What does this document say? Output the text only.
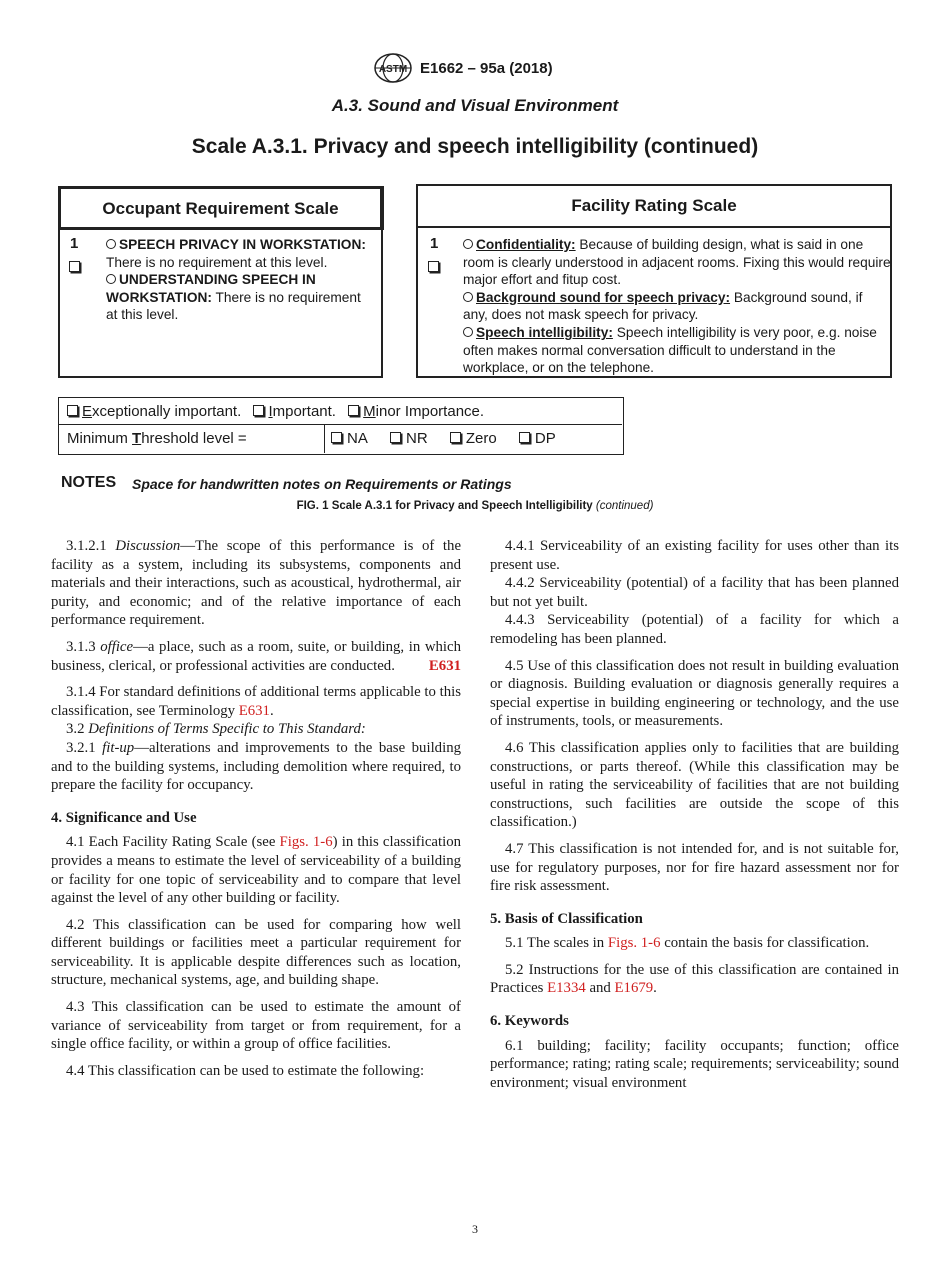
ASTM E1662 – 95a (2018)
A.3. Sound and Visual Environment
Scale A.3.1. Privacy and speech intelligibility (continued)
Occupant Requirement Scale
1	SPEECH PRIVACY IN WORKSTATION: There is no requirement at this level.
UNDERSTANDING SPEECH IN WORKSTATION: There is no requirement at this level.
Facility Rating Scale
1	Confidentiality: Because of building design, what is said in one room is clearly understood in adjacent rooms. Fixing this would require major effort and fitup cost.
Background sound for speech privacy: Background sound, if any, does not mask speech for privacy.
Speech intelligibility: Speech intelligibility is very poor, e.g. noise often makes normal conversation difficult to understand in the workplace, or on the telephone.
Exceptionally important. Important. Minor Importance.
Minimum Threshold level =	NA	NR	Zero	DP
NOTES Space for handwritten notes on Requirements or Ratings
FIG. 1 Scale A.3.1 for Privacy and Speech Intelligibility (continued)

3.1.2.1 Discussion—The scope of this performance is of the facility as a system, including its subsystems, components and materials and their interactions, such as acoustical, hydrothermal, air purity, and economic; and of the relative importance of each performance requirement.

3.1.3 office—a place, such as a room, suite, or building, in which business, clerical, or professional activities are conducted.	E631

3.1.4 For standard definitions of additional terms applicable to this classification, see Terminology E631.

3.2 Definitions of Terms Specific to This Standard:

3.2.1 fit-up—alterations and improvements to the base building and to the building systems, including demolition where required, to prepare the facility for occupancy.

4. Significance and Use

4.1 Each Facility Rating Scale (see Figs. 1-6) in this classification provides a means to estimate the level of serviceability of a building or facility for one topic of serviceability and to compare that level against the level of any other building or facility.

4.2 This classification can be used for comparing how well different buildings or facilities meet a particular requirement for serviceability. It is applicable despite differences such as location, structure, mechanical systems, age, and building shape.

4.3 This classification can be used to estimate the amount of variance of serviceability from target or from requirement, for a single office facility, or within a group of office facilities.

4.4 This classification can be used to estimate the following:

4.4.1 Serviceability of an existing facility for uses other than its present use.

4.4.2 Serviceability (potential) of a facility that has been planned but not yet built.

4.4.3 Serviceability (potential) of a facility for which a remodeling has been planned.

4.5 Use of this classification does not result in building evaluation or diagnosis. Building evaluation or diagnosis generally requires a special expertise in building engineering or technology, and the use of instruments, tools, or measurements.

4.6 This classification applies only to facilities that are building constructions, or parts thereof. (While this classification may be useful in rating the serviceability of facilities that are not building constructions, such facilities are outside the scope of this classification.)

4.7 This classification is not intended for, and is not suitable for, use for regulatory purposes, nor for fire hazard assessment nor for fire risk assessment.

5. Basis of Classification

5.1 The scales in Figs. 1-6 contain the basis for classification.

5.2 Instructions for the use of this classification are contained in Practices E1334 and E1679.

6. Keywords

6.1 building; facility; facility occupants; function; office performance; rating; rating scale; requirements; serviceability; sound environment; visual environment

3
